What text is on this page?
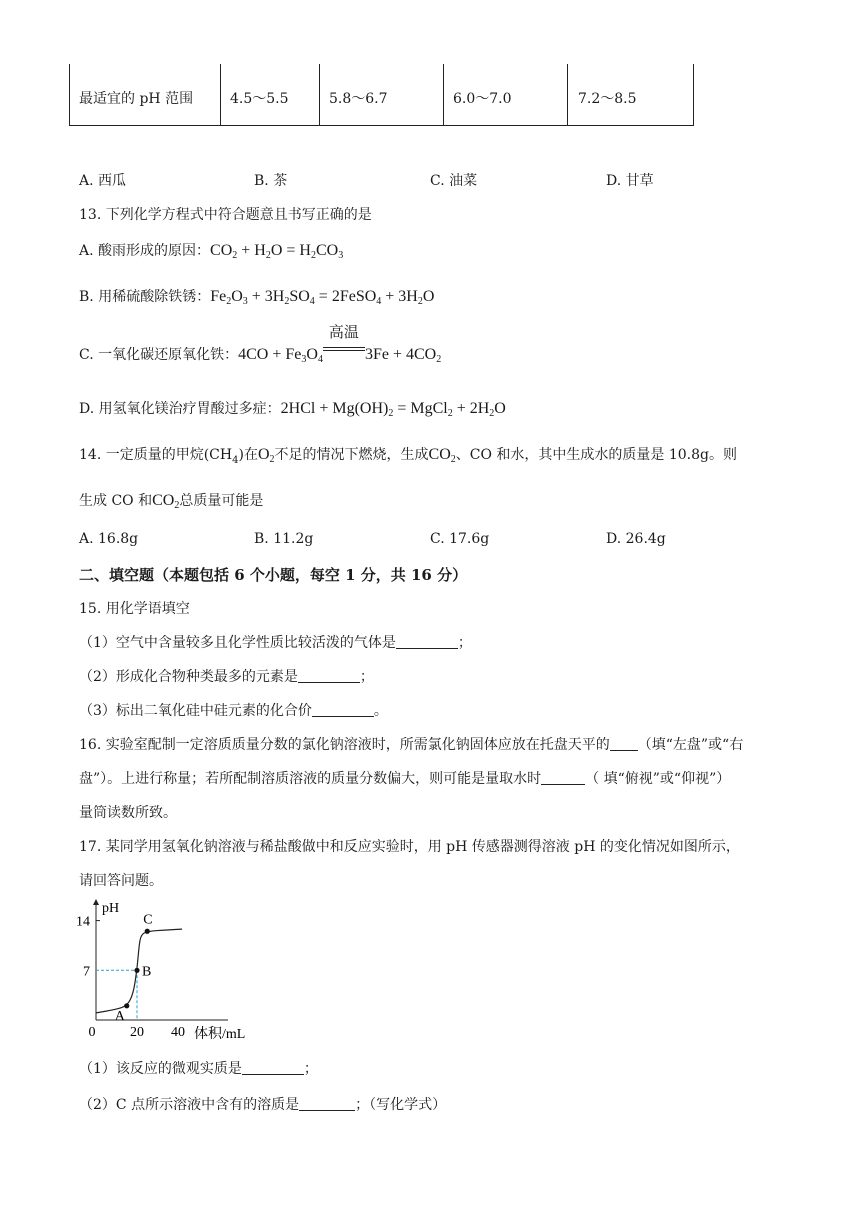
最适宜的 pH 范围	4.5～5.5	5.8～6.7	6.0～7.0	7.2～8.5
A. 西瓜	B. 茶	C. 油菜	D. 甘草
13. 下列化学方程式中符合题意且书写正确的是
A. 酸雨形成的原因：$CO_2 + H_2O = H_2CO_3$
B. 用稀硫酸除铁锈：$Fe_2O_3 + 3H_2SO_4$ = 2FeSO$_4$ + $3H_2O$
C. 一氧化碳还原氧化铁：$4CO + Fe_3O_4$
高温
$3Fe + 4CO_2$
D. 用氢氧化镁治疗胃酸过多症：$2HCl + Mg(OH)_2$ = MgCl$_2$ + $2H_2O$
14. 一定质量的甲烷$(CH_4)$在$O_2$不足的情况下燃烧，生成$CO_2$、CO 和水，其中生成水的质量是 10.8g。则
生成 CO 和$CO_2$总质量可能是
A. 16.8g	B. 11.2g	C. 17.6g	D. 26.4g
二、填空题（本题包括 6 个小题，每空 1 分，共 16 分）
15. 用化学语填空
（1）空气中含量较多且化学性质比较活泼的气体是	；
（2）形成化合物种类最多的元素是	；
（3）标出二氧化硅中硅元素的化合价	。
16. 实验室配制一定溶质质量分数的氯化钠溶液时，所需氯化钠固体应放在托盘天平的 （填“左盘”或“右
盘”）。上进行称量；若所配制溶质溶液的质量分数偏大，则可能是量取水时	（ 填“俯视”或“仰视”）
量筒读数所致。
17. 某同学用氢氧化钠溶液与稀盐酸做中和反应实验时，用 pH 传感器测得溶液 pH 的变化情况如图所示，
请回答问题。
pH
体积/mL
0 20 40
7
14
A
B
C
（1）该反应的微观实质是	；
（2）C 点所示溶液中含有的溶质是	；（写化学式）
